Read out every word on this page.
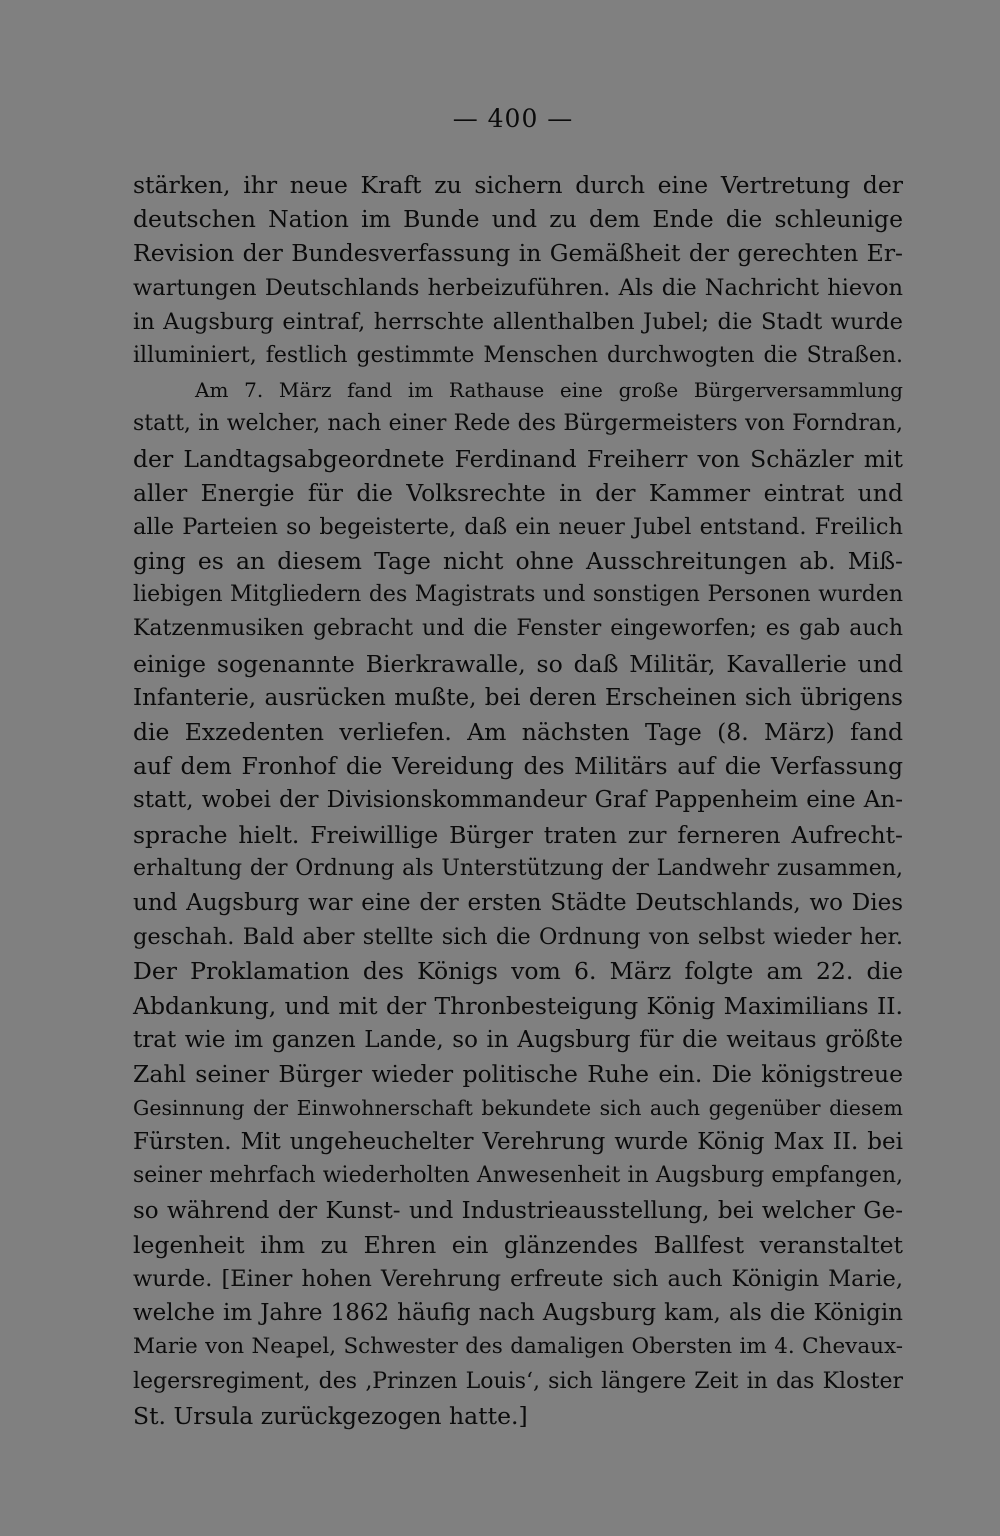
— 400 —
stärken, ihr neue Kraft zu sichern durch eine Vertretung der
deutschen Nation im Bunde und zu dem Ende die schleunige
Revision der Bundesverfassung in Gemäßheit der gerechten Er-
wartungen Deutschlands herbeizuführen. Als die Nachricht hievon
in Augsburg eintraf, herrschte allenthalben Jubel; die Stadt wurde
illuminiert, festlich gestimmte Menschen durchwogten die Straßen.
Am 7. März fand im Rathause eine große Bürgerversammlung
statt, in welcher, nach einer Rede des Bürgermeisters von Forndran,
der Landtagsabgeordnete Ferdinand Freiherr von Schäzler mit
aller Energie für die Volksrechte in der Kammer eintrat und
alle Parteien so begeisterte, daß ein neuer Jubel entstand. Freilich
ging es an diesem Tage nicht ohne Ausschreitungen ab. Miß-
liebigen Mitgliedern des Magistrats und sonstigen Personen wurden
Katzenmusiken gebracht und die Fenster eingeworfen; es gab auch
einige sogenannte Bierkrawalle, so daß Militär, Kavallerie und
Infanterie, ausrücken mußte, bei deren Erscheinen sich übrigens
die Exzedenten verliefen. Am nächsten Tage (8. März) fand
auf dem Fronhof die Vereidung des Militärs auf die Verfassung
statt, wobei der Divisionskommandeur Graf Pappenheim eine An-
sprache hielt. Freiwillige Bürger traten zur ferneren Aufrecht-
erhaltung der Ordnung als Unterstützung der Landwehr zusammen,
und Augsburg war eine der ersten Städte Deutschlands, wo Dies
geschah. Bald aber stellte sich die Ordnung von selbst wieder her.
Der Proklamation des Königs vom 6. März folgte am 22. die
Abdankung, und mit der Thronbesteigung König Maximilians II.
trat wie im ganzen Lande, so in Augsburg für die weitaus größte
Zahl seiner Bürger wieder politische Ruhe ein. Die königstreue
Gesinnung der Einwohnerschaft bekundete sich auch gegenüber diesem
Fürsten. Mit ungeheuchelter Verehrung wurde König Max II. bei
seiner mehrfach wiederholten Anwesenheit in Augsburg empfangen,
so während der Kunst- und Industrieausstellung, bei welcher Ge-
legenheit ihm zu Ehren ein glänzendes Ballfest veranstaltet
wurde. [Einer hohen Verehrung erfreute sich auch Königin Marie,
welche im Jahre 1862 häufig nach Augsburg kam, als die Königin
Marie von Neapel, Schwester des damaligen Obersten im 4. Chevaux-
legersregiment, des ‚Prinzen Louis‘, sich längere Zeit in das Kloster
St. Ursula zurückgezogen hatte.]
